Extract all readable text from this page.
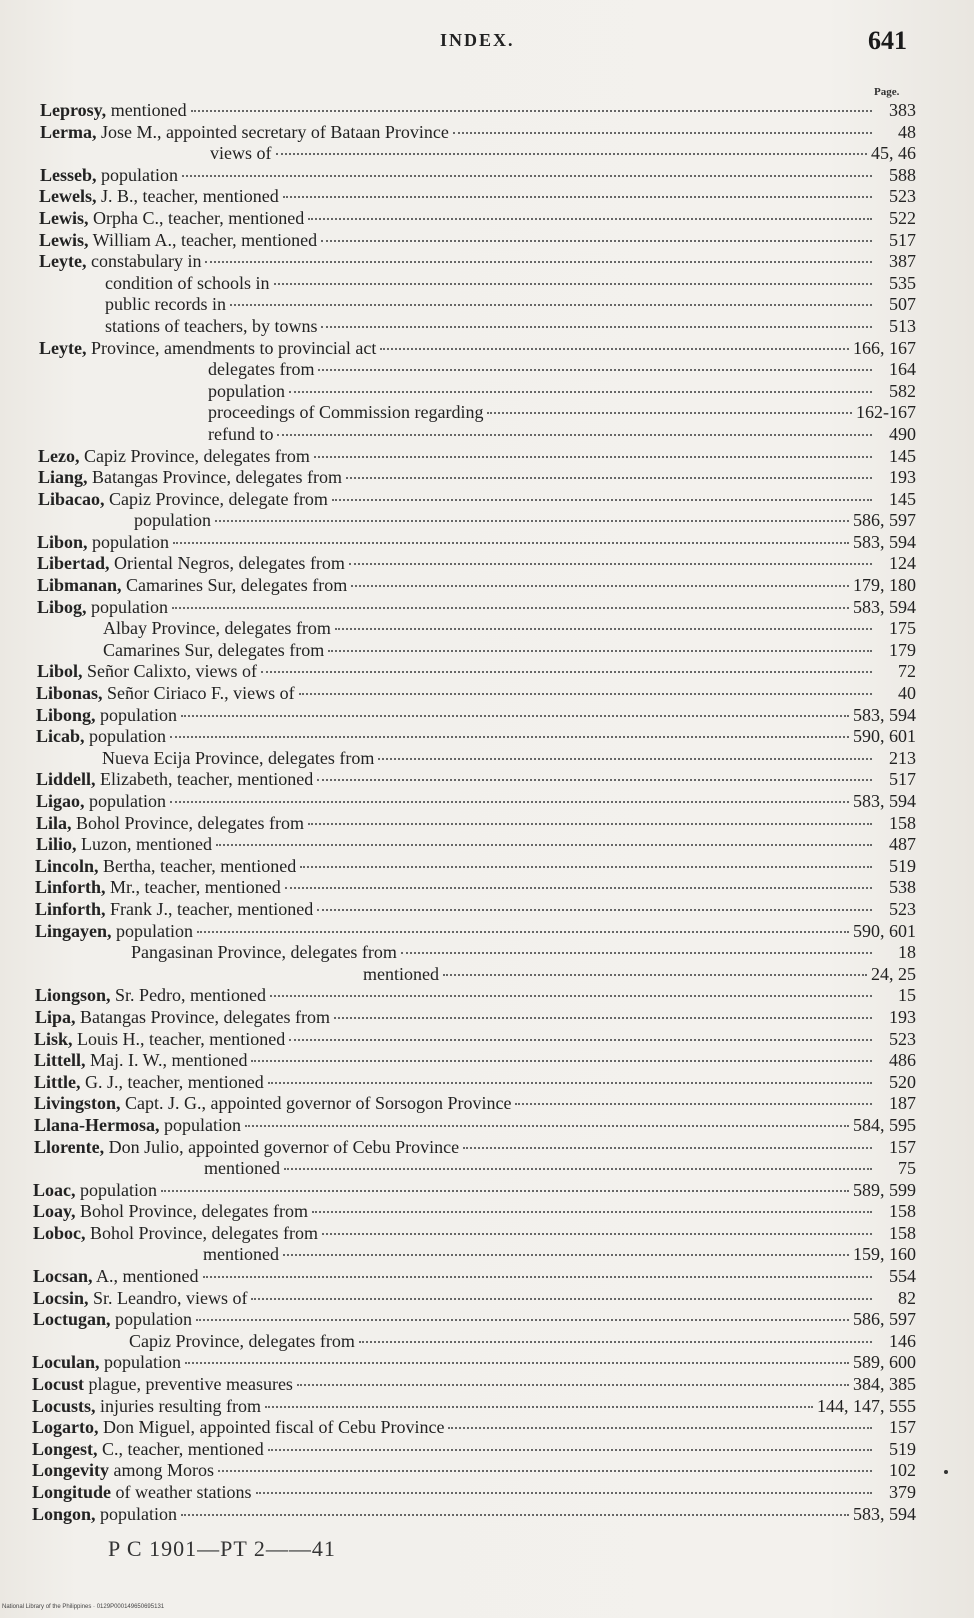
INDEX.	641
Page.
Leprosy, mentioned	383
Lerma, Jose M., appointed secretary of Bataan Province	48
views of	45, 46
Lesseb, population	588
Lewels, J. B., teacher, mentioned	523
Lewis, Orpha C., teacher, mentioned	522
Lewis, William A., teacher, mentioned	517
Leyte, constabulary in	387
condition of schools in	535
public records in	507
stations of teachers, by towns	513
Leyte, Province, amendments to provincial act	166, 167
delegates from	164
population	582
proceedings of Commission regarding	162-167
refund to	490
Lezo, Capiz Province, delegates from	145
Liang, Batangas Province, delegates from	193
Libacao, Capiz Province, delegate from	145
population	586, 597
Libon, population	583, 594
Libertad, Oriental Negros, delegates from	124
Libmanan, Camarines Sur, delegates from	179, 180
Libog, population	583, 594
Albay Province, delegates from	175
Camarines Sur, delegates from	179
Libol, Señor Calixto, views of	72
Libonas, Señor Ciriaco F., views of	40
Libong, population	583, 594
Licab, population	590, 601
Nueva Ecija Province, delegates from	213
Liddell, Elizabeth, teacher, mentioned	517
Ligao, population	583, 594
Lila, Bohol Province, delegates from	158
Lilio, Luzon, mentioned	487
Lincoln, Bertha, teacher, mentioned	519
Linforth, Mr., teacher, mentioned	538
Linforth, Frank J., teacher, mentioned	523
Lingayen, population	590, 601
Pangasinan Province, delegates from	18
mentioned	24, 25
Liongson, Sr. Pedro, mentioned	15
Lipa, Batangas Province, delegates from	193
Lisk, Louis H., teacher, mentioned	523
Littell, Maj. I. W., mentioned	486
Little, G. J., teacher, mentioned	520
Livingston, Capt. J. G., appointed governor of Sorsogon Province	187
Llana-Hermosa, population	584, 595
Llorente, Don Julio, appointed governor of Cebu Province	157
mentioned	75
Loac, population	589, 599
Loay, Bohol Province, delegates from	158
Loboc, Bohol Province, delegates from	158
mentioned	159, 160
Locsan, A., mentioned	554
Locsin, Sr. Leandro, views of	82
Loctugan, population	586, 597
Capiz Province, delegates from	146
Loculan, population	589, 600
Locust plague, preventive measures	384, 385
Locusts, injuries resulting from	144, 147, 555
Logarto, Don Miguel, appointed fiscal of Cebu Province	157
Longest, C., teacher, mentioned	519
Longevity among Moros	102
Longitude of weather stations	379
Longon, population	583, 594
P C 1901—PT 2——41
National Library of the Philippines · 0129P000149650695131
